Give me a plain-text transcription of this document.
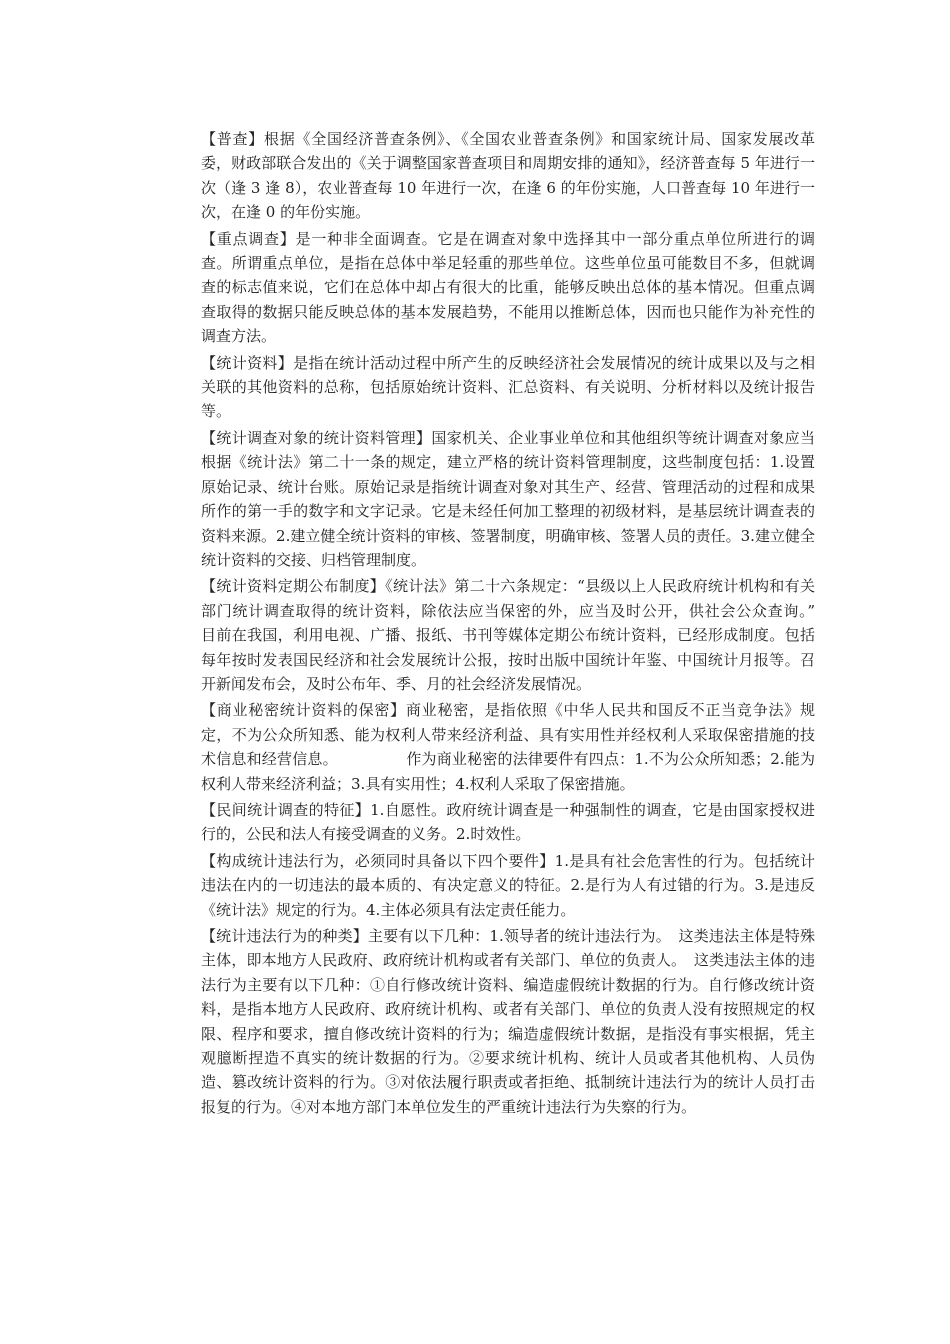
【普查】根据《全国经济普查条例》、《全国农业普查条例》和国家统计局、国家发展改革委，财政部联合发出的《关于调整国家普查项目和周期安排的通知》，经济普查每 5 年进行一次（逢 3 逢 8），农业普查每 10 年进行一次，在逢 6 的年份实施，人口普查每 10 年进行一次，在逢 0 的年份实施。

【重点调查】是一种非全面调查。它是在调查对象中选择其中一部分重点单位所进行的调查。所谓重点单位，是指在总体中举足轻重的那些单位。这些单位虽可能数目不多，但就调查的标志值来说，它们在总体中却占有很大的比重，能够反映出总体的基本情况。但重点调查取得的数据只能反映总体的基本发展趋势，不能用以推断总体，因而也只能作为补充性的调查方法。

【统计资料】是指在统计活动过程中所产生的反映经济社会发展情况的统计成果以及与之相关联的其他资料的总称，包括原始统计资料、汇总资料、有关说明、分析材料以及统计报告等。

【统计调查对象的统计资料管理】国家机关、企业事业单位和其他组织等统计调查对象应当根据《统计法》第二十一条的规定，建立严格的统计资料管理制度，这些制度包括：1.设置原始记录、统计台账。原始记录是指统计调查对象对其生产、经营、管理活动的过程和成果所作的第一手的数字和文字记录。它是未经任何加工整理的初级材料，是基层统计调查表的资料来源。2.建立健全统计资料的审核、签署制度，明确审核、签署人员的责任。3.建立健全统计资料的交接、归档管理制度。

【统计资料定期公布制度】《统计法》第二十六条规定：“县级以上人民政府统计机构和有关部门统计调查取得的统计资料，除依法应当保密的外，应当及时公开，供社会公众查询。”　　　　　目前在我国，利用电视、广播、报纸、书刊等媒体定期公布统计资料，已经形成制度。包括每年按时发表国民经济和社会发展统计公报，按时出版中国统计年鉴、中国统计月报等。召开新闻发布会，及时公布年、季、月的社会经济发展情况。

【商业秘密统计资料的保密】商业秘密，是指依照《中华人民共和国反不正当竞争法》规定，不为公众所知悉、能为权利人带来经济利益、具有实用性并经权利人采取保密措施的技术信息和经营信息。　　　　　作为商业秘密的法律要件有四点：1.不为公众所知悉；2.能为权利人带来经济利益；3.具有实用性；4.权利人采取了保密措施。

【民间统计调查的特征】1.自愿性。政府统计调查是一种强制性的调查，它是由国家授权进行的，公民和法人有接受调查的义务。2.时效性。

【构成统计违法行为，必须同时具备以下四个要件】1.是具有社会危害性的行为。包括统计违法在内的一切违法的最本质的、有决定意义的特征。2.是行为人有过错的行为。3.是违反《统计法》规定的行为。4.主体必须具有法定责任能力。

【统计违法行为的种类】主要有以下几种：1.领导者的统计违法行为。　这类违法主体是特殊主体，即本地方人民政府、政府统计机构或者有关部门、单位的负责人。　这类违法主体的违法行为主要有以下几种：①自行修改统计资料、编造虚假统计数据的行为。自行修改统计资料，是指本地方人民政府、政府统计机构、或者有关部门、单位的负责人没有按照规定的权限、程序和要求，擅自修改统计资料的行为；编造虚假统计数据，是指没有事实根据，凭主观臆断捏造不真实的统计数据的行为。②要求统计机构、统计人员或者其他机构、人员伪造、篡改统计资料的行为。③对依法履行职责或者拒绝、抵制统计违法行为的统计人员打击报复的行为。④对本地方部门本单位发生的严重统计违法行为失察的行为。
